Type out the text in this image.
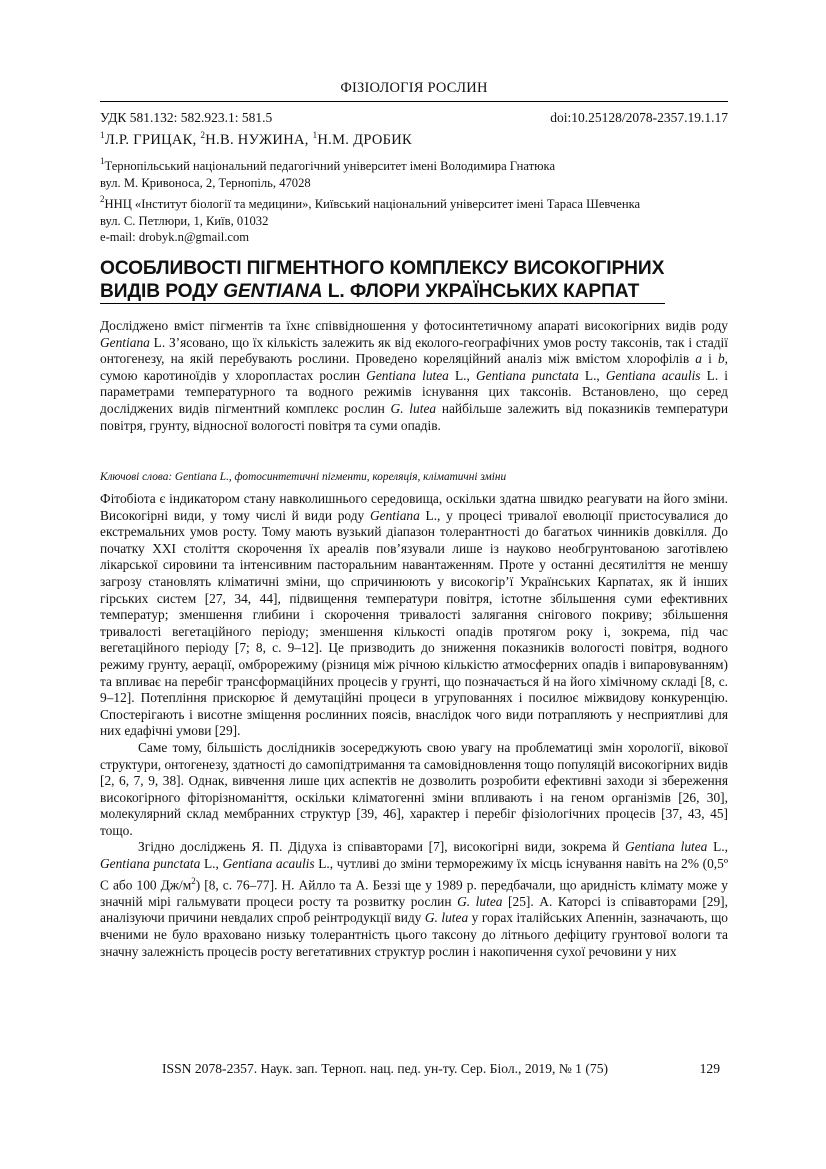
ФІЗІОЛОГІЯ РОСЛИН
УДК 581.132: 582.923.1: 581.5	doi:10.25128/2078-2357.19.1.17
$^1$Л.Р. ГРИЦАК, $^2$Н.В. НУЖИНА, $^1$Н.М. ДРОБИК

$^1$Тернопільський національний педагогічний університет імені Володимира Гнатюка

вул. М. Кривоноса, 2, Тернопіль, 47028

$^2$ННЦ «Інститут біології та медицини», Київський національний університет імені Тараса Шевченка

вул. С. Петлюри, 1, Київ, 01032

e-mail: drobyk.n@gmail.com

ОСОБЛИВОСТІ ПІГМЕНТНОГО КОМПЛЕКСУ ВИСОКОГІРНИХ
ВИДІВ РОДУ GENTIANA L. ФЛОРИ УКРАЇНСЬКИХ КАРПАТ
Досліджено вміст пігментів та їхнє співвідношення у фотосинтетичному апараті високогірних видів роду Gentiana L. З’ясовано, що їх кількість залежить як від еколого-географічних умов росту таксонів, так і стадії онтогенезу, на якій перебувають рослини. Проведено кореляційний аналіз між вмістом хлорофілів a і b, сумою каротиноїдів у хлоропластах рослин Gentiana lutea L., Gentiana punctata L., Gentiana acaulis L. і параметрами температурного та водного режимів існування цих таксонів. Встановлено, що серед досліджених видів пігментний комплекс рослин G. lutea найбільше залежить від показників температури повітря, грунту, відносної вологості повітря та суми опадів.
Ключові слова: Gentiana L., фотосинтетичні пігменти, кореляція, кліматичні зміни

Фітобіота є індикатором стану навколишнього середовища, оскільки здатна швидко реагувати на його зміни. Високогірні види, у тому числі й види роду Gentiana L., у процесі тривалої еволюції пристосувалися до екстремальних умов росту. Тому мають вузький діапазон толерантності до багатьох чинників довкілля. До початку XXI століття скорочення їх ареалів пов’язували лише із науково необгрунтованою заготівлею лікарської сировини та інтенсивним пасторальним навантаженням. Проте у останні десятиліття не меншу загрозу становлять кліматичні зміни, що спричинюють у високогір’ї Українських Карпатах, як й інших гірських систем [27, 34, 44], підвищення температури повітря, істотне збільшення суми ефективних температур; зменшення глибини і скорочення тривалості залягання снігового покриву; збільшення тривалості вегетаційного періоду; зменшення кількості опадів протягом року і, зокрема, під час вегетаційного періоду [7; 8, с. 9–12]. Це призводить до зниження показників вологості повітря, водного режиму грунту, аерації, омброрежиму (різниця між річною кількістю атмосферних опадів і випаровуванням) та впливає на перебіг трансформаційних процесів у грунті, що позначається й на його хімічному складі [8, с. 9–12]. Потепління прискорює й демутаційні процеси в угрупованнях і посилює міжвидову конкуренцію. Спостерігають і висотне зміщення рослинних поясів, внаслідок чого види потрапляють у несприятливі для них едафічні умови [29].

Саме тому, більшість дослідників зосереджують свою увагу на проблематиці змін хорології, вікової структури, онтогенезу, здатності до самопідтримання та самовідновлення тощо популяцій високогірних видів [2, 6, 7, 9, 38]. Однак, вивчення лише цих аспектів не дозволить розробити ефективні заходи зі збереження високогірного фіторізноманіття, оскільки кліматогенні зміни впливають і на геном організмів [26, 30], молекулярний склад мембранних структур [39, 46], характер і перебіг фізіологічних процесів [37, 43, 45] тощо.

Згідно досліджень Я. П. Дідуха із співавторами [7], високогірні види, зокрема й Gentiana lutea L., Gentiana punctata L., Gentiana acaulis L., чутливі до зміни терморежиму їх місць існування навіть на 2% (0,5º С або 100 $Дж/м^2$) [8, с. 76–77]. Н. Айлло та А. Беззі ще у 1989 р. передбачали, що аридність клімату може у значній мірі гальмувати процеси росту та розвитку рослин G. lutea [25]. А. Каторсі із співавторами [29], аналізуючи причини невдалих спроб реінтродукції виду G. lutea у горах італійських Апеннін, зазначають, що вченими не було враховано низьку толерантність цього таксону до літнього дефіциту грунтової вологи та значну залежність процесів росту вегетативних структур рослин і накопичення сухої речовини у них

ISSN 2078-2357. Наук. зап. Терноп. нац. пед. ун-ту. Сер. Біол., 2019, № 1 (75)	129
